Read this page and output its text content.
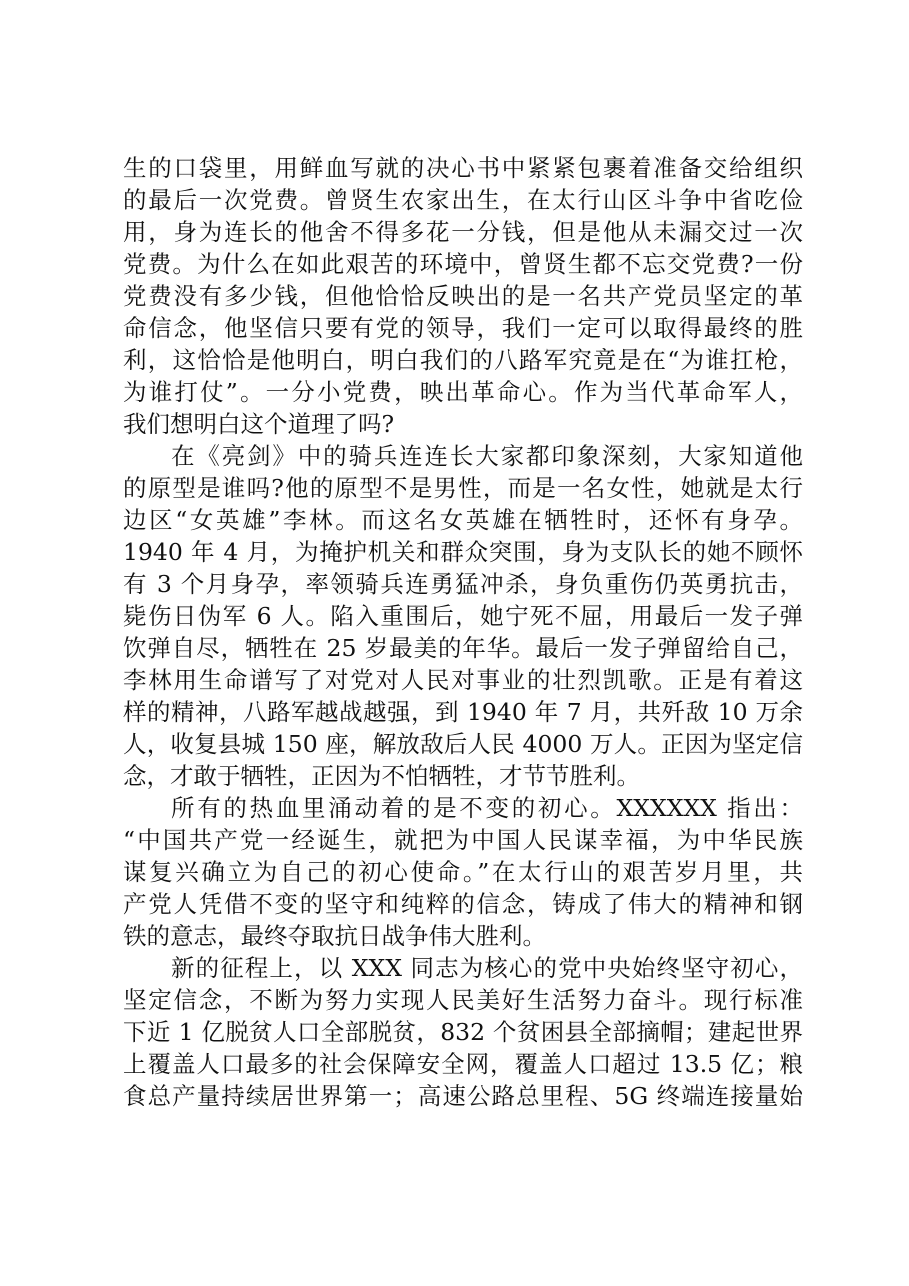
生的口袋里，用鲜血写就的决心书中紧紧包裹着准备交给组织
的最后一次党费。曾贤生农家出生，在太行山区斗争中省吃俭
用，身为连长的他舍不得多花一分钱，但是他从未漏交过一次
党费。为什么在如此艰苦的环境中，曾贤生都不忘交党费?一份
党费没有多少钱，但他恰恰反映出的是一名共产党员坚定的革
命信念，他坚信只要有党的领导，我们一定可以取得最终的胜
利，这恰恰是他明白，明白我们的八路军究竟是在“为谁扛枪，
为谁打仗”。一分小党费，映出革命心。作为当代革命军人，
我们想明白这个道理了吗?
在《亮剑》中的骑兵连连长大家都印象深刻，大家知道他
的原型是谁吗?他的原型不是男性，而是一名女性，她就是太行
边区“女英雄”李林。而这名女英雄在牺牲时，还怀有身孕。
1940 年 4 月，为掩护机关和群众突围，身为支队长的她不顾怀
有 3 个月身孕，率领骑兵连勇猛冲杀，身负重伤仍英勇抗击，
毙伤日伪军 6 人。陷入重围后，她宁死不屈，用最后一发子弹
饮弹自尽，牺牲在 25 岁最美的年华。最后一发子弹留给自己，
李林用生命谱写了对党对人民对事业的壮烈凯歌。正是有着这
样的精神，八路军越战越强，到 1940 年 7 月，共歼敌 10 万余
人，收复县城 150 座，解放敌后人民 4000 万人。正因为坚定信
念，才敢于牺牲，正因为不怕牺牲，才节节胜利。
所有的热血里涌动着的是不变的初心。XXXXXX 指出：
“中国共产党一经诞生，就把为中国人民谋幸福，为中华民族
谋复兴确立为自己的初心使命。”在太行山的艰苦岁月里，共
产党人凭借不变的坚守和纯粹的信念，铸成了伟大的精神和钢
铁的意志，最终夺取抗日战争伟大胜利。
新的征程上，以 XXX 同志为核心的党中央始终坚守初心，
坚定信念，不断为努力实现人民美好生活努力奋斗。现行标准
下近 1 亿脱贫人口全部脱贫，832 个贫困县全部摘帽；建起世界
上覆盖人口最多的社会保障安全网，覆盖人口超过 13.5 亿；粮
食总产量持续居世界第一；高速公路总里程、5G 终端连接量始
